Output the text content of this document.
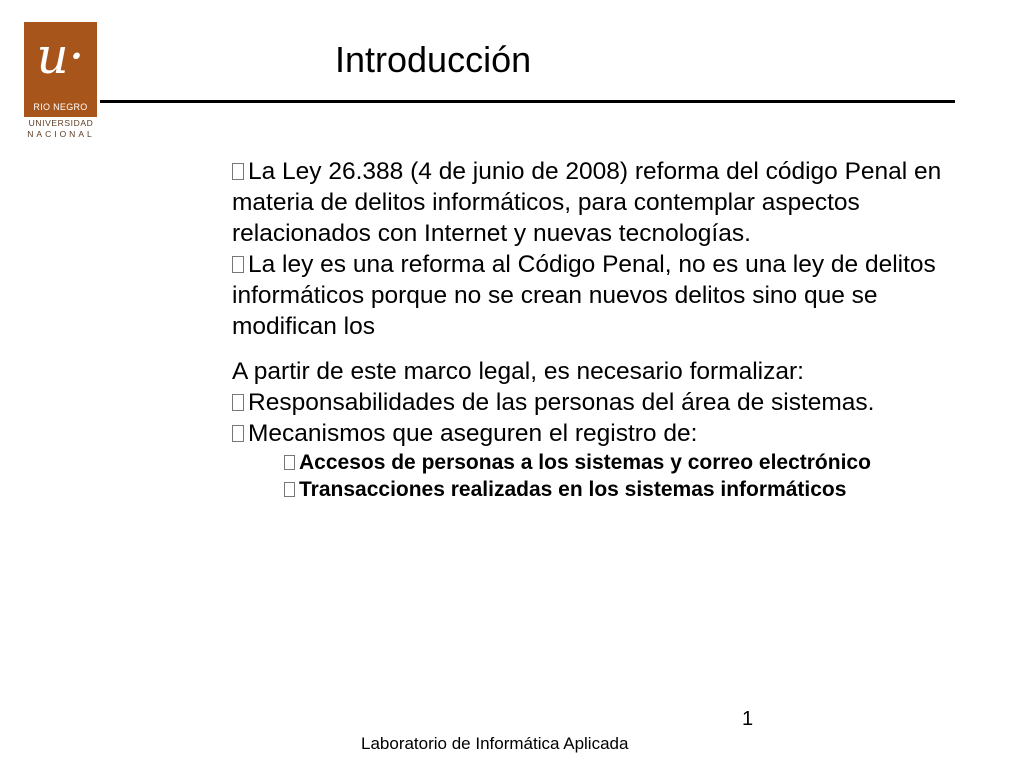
u·
RIO NEGRO
UNIVERSIDAD
NACIONAL
Introducción

La Ley 26.388 (4 de junio de 2008) reforma del código Penal en materia de delitos informáticos, para contemplar aspectos relacionados con Internet y nuevas tecnologías.

La ley es una reforma al Código Penal, no es una ley de delitos informáticos porque no se crean nuevos delitos sino que se modifican los

A partir de este marco legal, es necesario formalizar:

Responsabilidades de las personas del área de sistemas.

Mecanismos que aseguren el registro de:

Accesos de personas a los sistemas y correo electrónico

Transacciones realizadas en los sistemas informáticos

1
Laboratorio de Informática Aplicada
